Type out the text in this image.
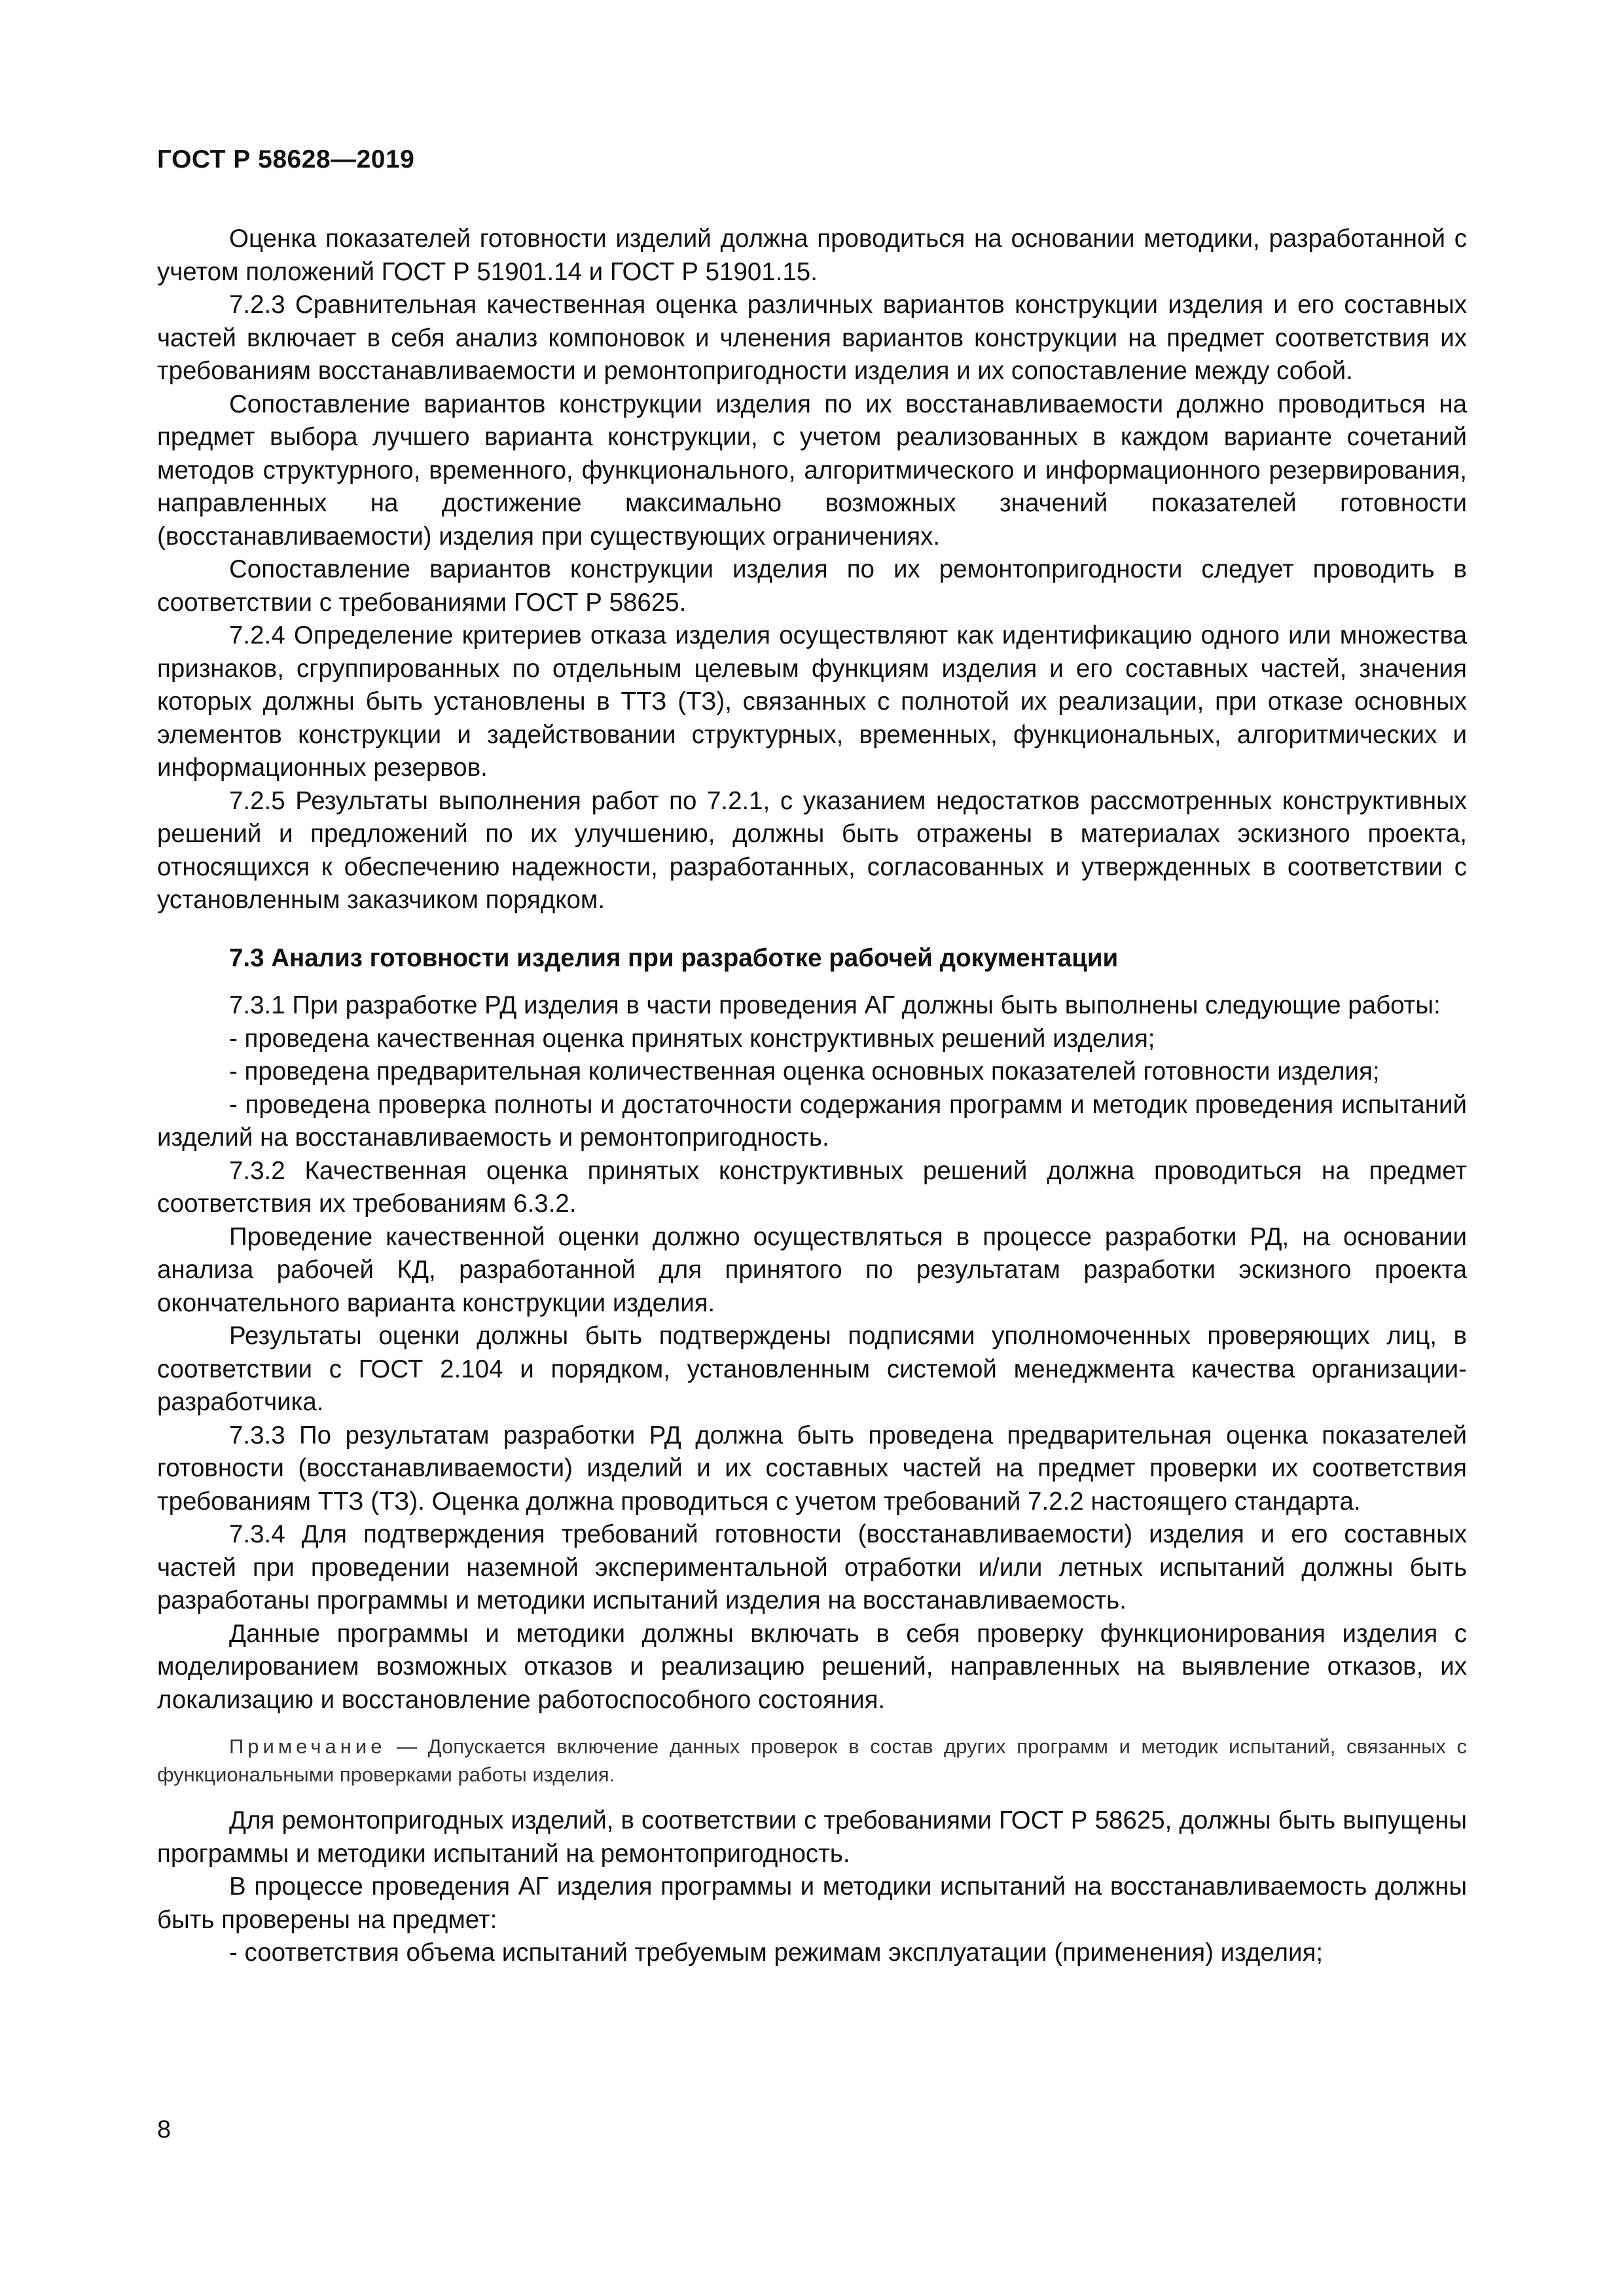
ГОСТ Р 58628—2019

Оценка показателей готовности изделий должна проводиться на основании методики, разработанной с учетом положений ГОСТ Р 51901.14 и ГОСТ Р 51901.15.

7.2.3 Сравнительная качественная оценка различных вариантов конструкции изделия и его составных частей включает в себя анализ компоновок и членения вариантов конструкции на предмет соответствия их требованиям восстанавливаемости и ремонтопригодности изделия и их сопоставление между собой.

Сопоставление вариантов конструкции изделия по их восстанавливаемости должно проводиться на предмет выбора лучшего варианта конструкции, с учетом реализованных в каждом варианте сочетаний методов структурного, временного, функционального, алгоритмического и информационного резервирования, направленных на достижение максимально возможных значений показателей готовности (восстанавливаемости) изделия при существующих ограничениях.

Сопоставление вариантов конструкции изделия по их ремонтопригодности следует проводить в соответствии с требованиями ГОСТ Р 58625.

7.2.4 Определение критериев отказа изделия осуществляют как идентификацию одного или множества признаков, сгруппированных по отдельным целевым функциям изделия и его составных частей, значения которых должны быть установлены в ТТЗ (ТЗ), связанных с полнотой их реализации, при отказе основных элементов конструкции и задействовании структурных, временных, функциональных, алгоритмических и информационных резервов.

7.2.5 Результаты выполнения работ по 7.2.1, с указанием недостатков рассмотренных конструктивных решений и предложений по их улучшению, должны быть отражены в материалах эскизного проекта, относящихся к обеспечению надежности, разработанных, согласованных и утвержденных в соответствии с установленным заказчиком порядком.

7.3 Анализ готовности изделия при разработке рабочей документации

7.3.1 При разработке РД изделия в части проведения АГ должны быть выполнены следующие работы:

- проведена качественная оценка принятых конструктивных решений изделия;

- проведена предварительная количественная оценка основных показателей готовности изделия;

- проведена проверка полноты и достаточности содержания программ и методик проведения испытаний изделий на восстанавливаемость и ремонтопригодность.

7.3.2 Качественная оценка принятых конструктивных решений должна проводиться на предмет соответствия их требованиям 6.3.2.

Проведение качественной оценки должно осуществляться в процессе разработки РД, на основании анализа рабочей КД, разработанной для принятого по результатам разработки эскизного проекта окончательного варианта конструкции изделия.

Результаты оценки должны быть подтверждены подписями уполномоченных проверяющих лиц, в соответствии с ГОСТ 2.104 и порядком, установленным системой менеджмента качества организации-разработчика.

7.3.3 По результатам разработки РД должна быть проведена предварительная оценка показателей готовности (восстанавливаемости) изделий и их составных частей на предмет проверки их соответствия требованиям ТТЗ (ТЗ). Оценка должна проводиться с учетом требований 7.2.2 настоящего стандарта.

7.3.4 Для подтверждения требований готовности (восстанавливаемости) изделия и его составных частей при проведении наземной экспериментальной отработки и/или летных испытаний должны быть разработаны программы и методики испытаний изделия на восстанавливаемость.

Данные программы и методики должны включать в себя проверку функционирования изделия с моделированием возможных отказов и реализацию решений, направленных на выявление отказов, их локализацию и восстановление работоспособного состояния.

Примечание — Допускается включение данных проверок в состав других программ и методик испытаний, связанных с функциональными проверками работы изделия.

Для ремонтопригодных изделий, в соответствии с требованиями ГОСТ Р 58625, должны быть выпущены программы и методики испытаний на ремонтопригодность.

В процессе проведения АГ изделия программы и методики испытаний на восстанавливаемость должны быть проверены на предмет:

- соответствия объема испытаний требуемым режимам эксплуатации (применения) изделия;

8
